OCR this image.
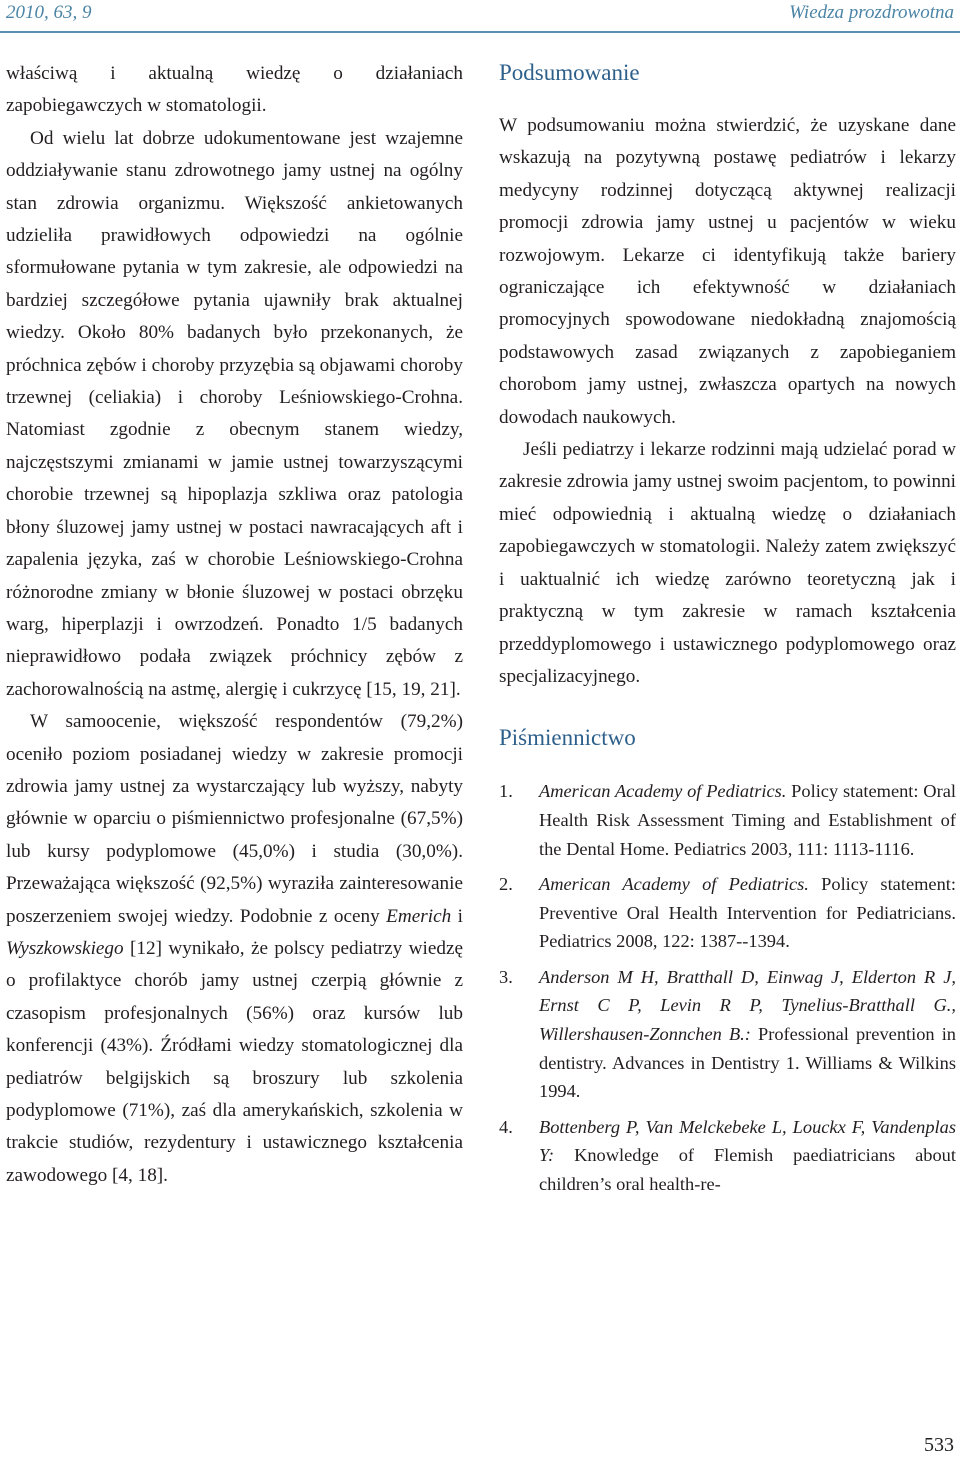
2010, 63, 9	Wiedza prozdrowotna

właściwą i aktualną wiedzę o działaniach zapobiegawczych w stomatologii.

Od wielu lat dobrze udokumentowane jest wzajemne oddziaływanie stanu zdrowotnego jamy ustnej na ogólny stan zdrowia organizmu. Większość ankietowanych udzieliła prawidłowych odpowiedzi na ogólnie sformułowane pytania w tym zakresie, ale odpowiedzi na bardziej szczegółowe pytania ujawniły brak aktualnej wiedzy. Około 80% badanych było przekonanych, że próchnica zębów i choroby przyzębia są objawami choroby trzewnej (celiakia) i choroby Leśniowskiego-Crohna. Natomiast zgodnie z obecnym stanem wiedzy, najczęstszymi zmianami w jamie ustnej towarzyszącymi chorobie trzewnej są hipoplazja szkliwa oraz patologia błony śluzowej jamy ustnej w postaci nawracających aft i zapalenia języka, zaś w chorobie Leśniowskiego-Crohna różnorodne zmiany w błonie śluzowej w postaci obrzęku warg, hiperplazji i owrzodzeń. Ponadto 1/5 badanych nieprawidłowo podała związek próchnicy zębów z zachorowalnością na astmę, alergię i cukrzycę [15, 19, 21].

W samoocenie, większość respondentów (79,2%) oceniło poziom posiadanej wiedzy w zakresie promocji zdrowia jamy ustnej za wystarczający lub wyższy, nabyty głównie w oparciu o piśmiennictwo profesjonalne (67,5%) lub kursy podyplomowe (45,0%) i studia (30,0%). Przeważająca większość (92,5%) wyraziła zainteresowanie poszerzeniem swojej wiedzy. Podobnie z oceny Emerich i Wyszkowskiego [12] wynikało, że polscy pediatrzy wiedzę o profilaktyce chorób jamy ustnej czerpią głównie z czasopism profesjonalnych (56%) oraz kursów lub konferencji (43%). Źródłami wiedzy stomatologicznej dla pediatrów belgijskich są broszury lub szkolenia podyplomowe (71%), zaś dla amerykańskich, szkolenia w trakcie studiów, rezydentury i ustawicznego kształcenia zawodowego [4, 18].

Podsumowanie

W podsumowaniu można stwierdzić, że uzyskane dane wskazują na pozytywną postawę pediatrów i lekarzy medycyny rodzinnej dotyczącą aktywnej realizacji promocji zdrowia jamy ustnej u pacjentów w wieku rozwojowym. Lekarze ci identyfikują także bariery ograniczające ich efektywność w działaniach promocyjnych spowodowane niedokładną znajomością podstawowych zasad związanych z zapobieganiem chorobom jamy ustnej, zwłaszcza opartych na nowych dowodach naukowych.

Jeśli pediatrzy i lekarze rodzinni mają udzielać porad w zakresie zdrowia jamy ustnej swoim pacjentom, to powinni mieć odpowiednią i aktualną wiedzę o działaniach zapobiegawczych w stomatologii. Należy zatem zwiększyć i uaktualnić ich wiedzę zarówno teoretyczną jak i praktyczną w tym zakresie w ramach kształcenia przeddyplomowego i ustawicznego podyplomowego oraz specjalizacyjnego.

Piśmiennictwo
1. American Academy of Pediatrics. Policy statement: Oral Health Risk Assessment Timing and Establishment of the Dental Home. Pediatrics 2003, 111: 1113-1116.
2. American Academy of Pediatrics. Policy statement: Preventive Oral Health Intervention for Pediatricians. Pediatrics 2008, 122: 1387--1394.
3. Anderson M H, Bratthall D, Einwag J, Elderton R J, Ernst C P, Levin R P, Tynelius-Bratthall G., Willershausen-Zonnchen B.: Professional prevention in dentistry. Advances in Dentistry 1. Williams & Wilkins 1994.
4. Bottenberg P, Van Melckebeke L, Louckx F, Vandenplas Y: Knowledge of Flemish paediatricians about children’s oral health-re-
533
